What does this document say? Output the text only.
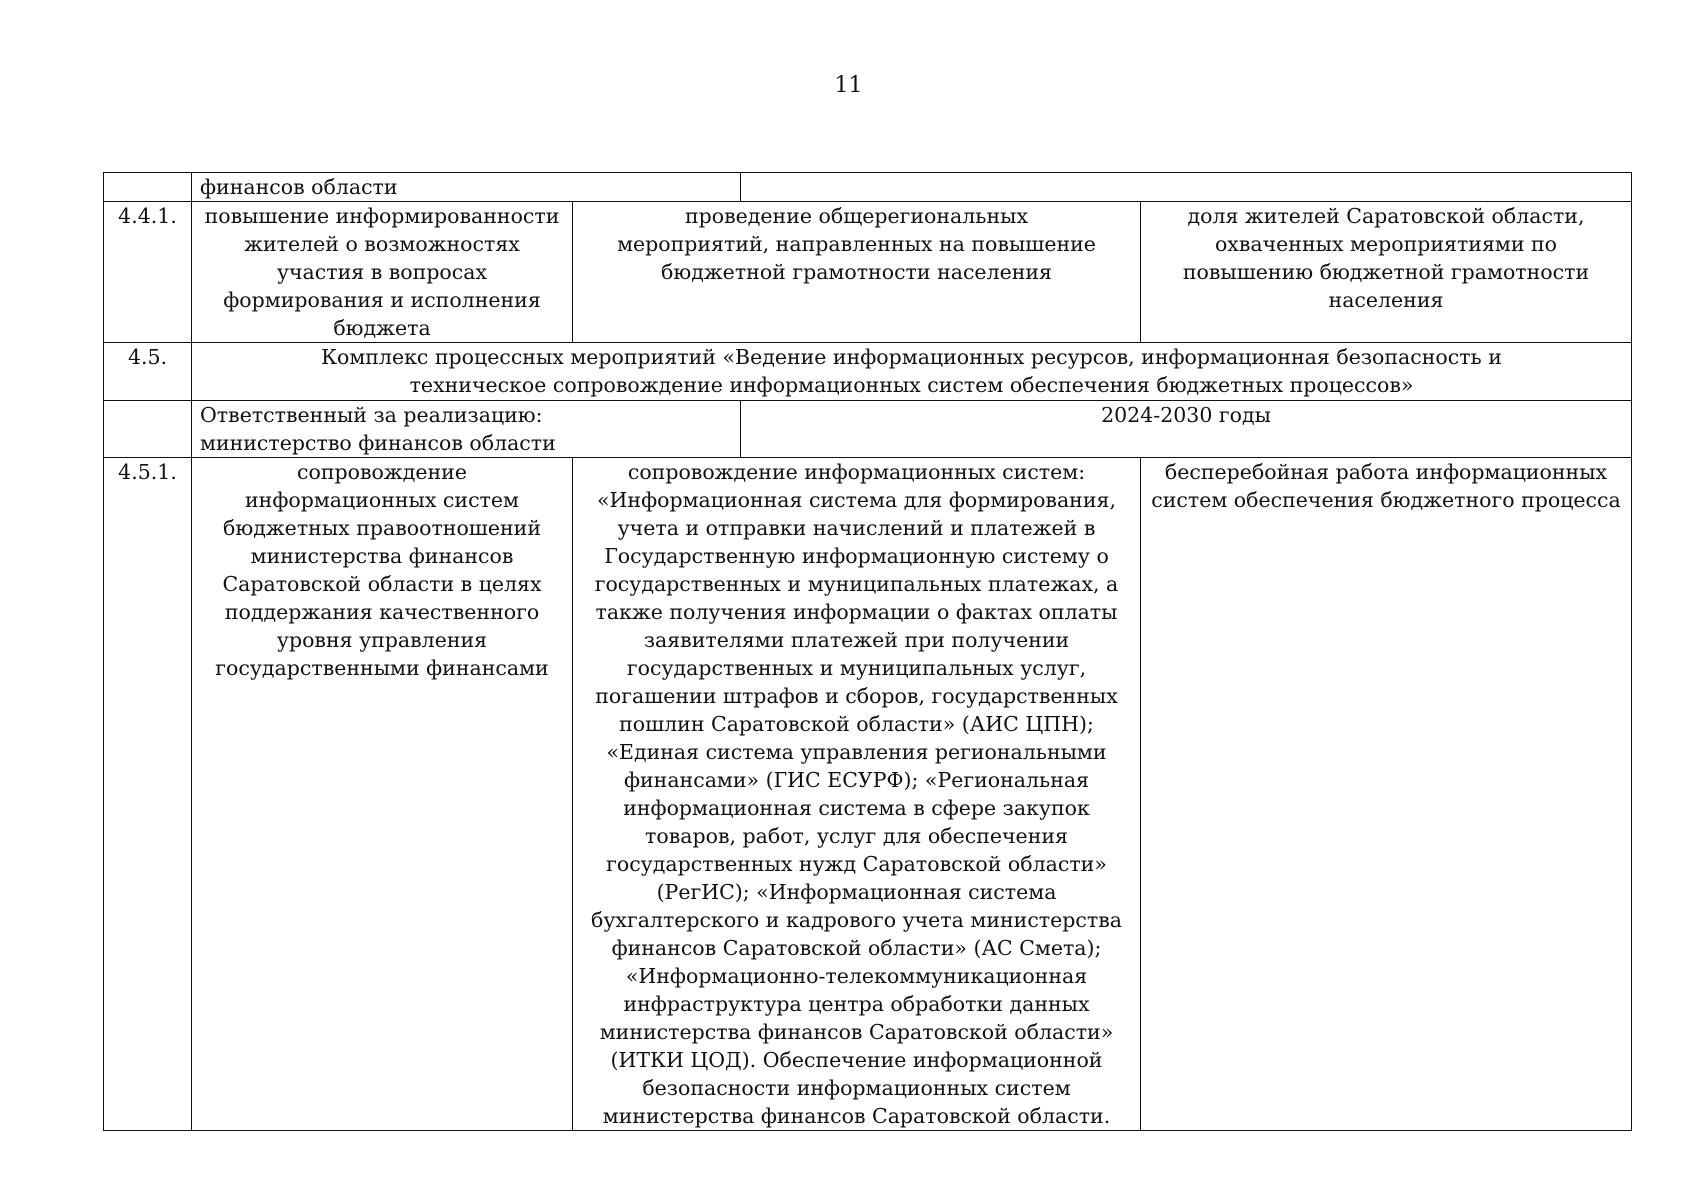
11
	финансов области			
4.4.1.	повышение информированности жителей о возможностях участия в вопросах формирования и исполнения бюджета	проведение общерегиональных мероприятий, направленных на повышение бюджетной грамотности населения		доля жителей Саратовской области, охваченных мероприятиями по повышению бюджетной грамотности населения
4.5.	Комплекс процессных мероприятий «Ведение информационных ресурсов, информационная безопасность и техническое сопровождение информационных систем обеспечения бюджетных процессов»			
	Ответственный за реализацию: министерство финансов области		2024-2030 годы	
4.5.1.	сопровождение информационных систем бюджетных правоотношений министерства финансов Саратовской области в целях поддержания качественного уровня управления государственными финансами	сопровождение информационных систем: «Информационная система для формирования, учета и отправки начислений и платежей в Государственную информационную систему о государственных и муниципальных платежах, а также получения информации о фактах оплаты заявителями платежей при получении государственных и муниципальных услуг, погашении штрафов и сборов, государственных пошлин Саратовской области» (АИС ЦПН); «Единая система управления региональными финансами» (ГИС ЕСУРФ); «Региональная информационная система в сфере закупок товаров, работ, услуг для обеспечения государственных нужд Саратовской области» (РегИС); «Информационная система бухгалтерского и кадрового учета министерства финансов Саратовской области» (АС Смета); «Информационно-телекоммуникационная инфраструктура центра обработки данных министерства финансов Саратовской области» (ИТКИ ЦОД). Обеспечение информационной безопасности информационных систем министерства финансов Саратовской области.		бесперебойная работа информационных систем обеспечения бюджетного процесса
